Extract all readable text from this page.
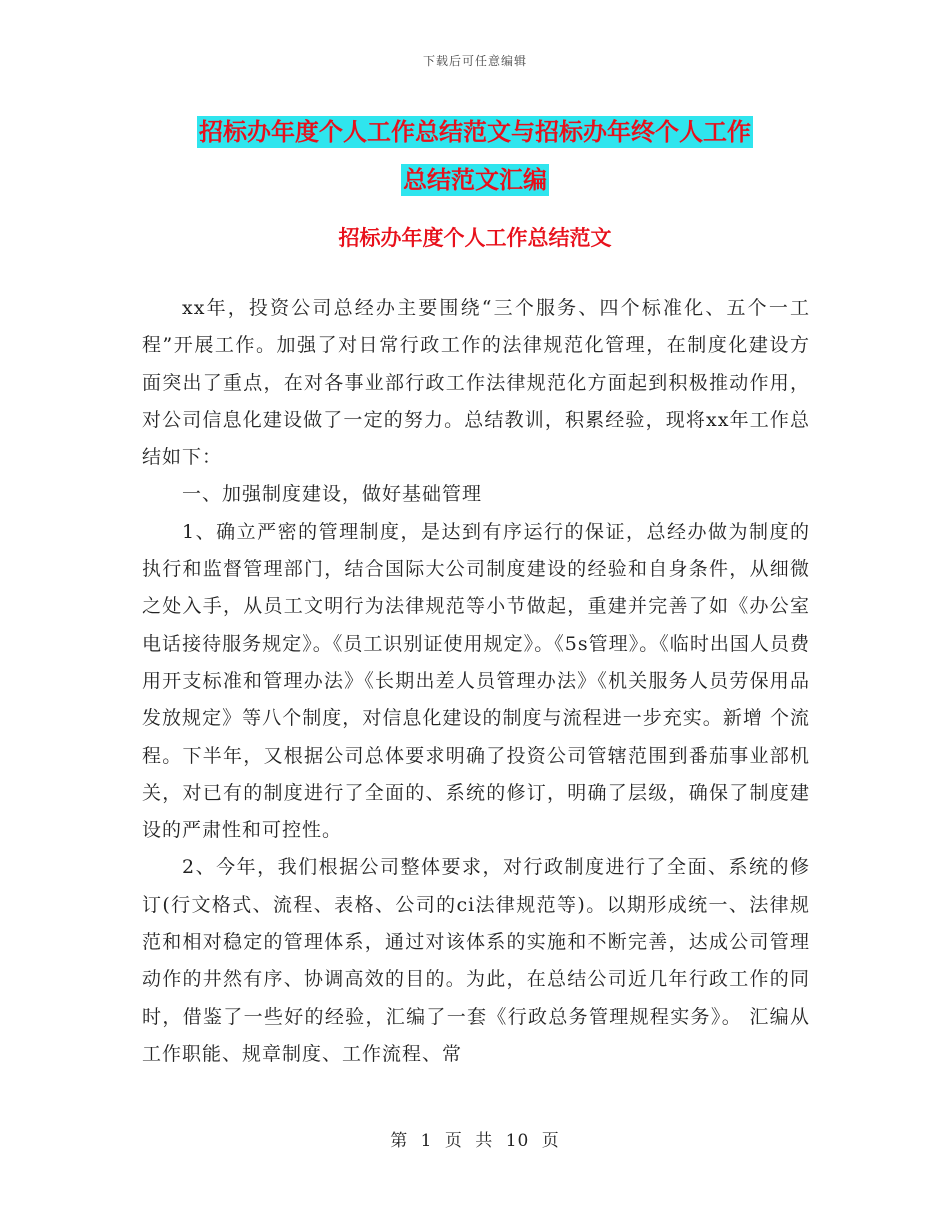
下载后可任意编辑
招标办年度个人工作总结范文与招标办年终个人工作
总结范文汇编
招标办年度个人工作总结范文

xx年，投资公司总经办主要围绕“三个服务、四个标准化、五个一工程”开展工作。加强了对日常行政工作的法律规范化管理，在制度化建设方面突出了重点，在对各事业部行政工作法律规范化方面起到积极推动作用，对公司信息化建设做了一定的努力。总结教训，积累经验，现将xx年工作总结如下：

一、加强制度建设，做好基础管理

1、确立严密的管理制度，是达到有序运行的保证，总经办做为制度的执行和监督管理部门，结合国际大公司制度建设的经验和自身条件，从细微之处入手，从员工文明行为法律规范等小节做起，重建并完善了如《办公室电话接待服务规定》。《员工识别证使用规定》。《5s管理》。《临时出国人员费用开支标准和管理办法》《长期出差人员管理办法》《机关服务人员劳保用品发放规定》等八个制度，对信息化建设的制度与流程进一步充实。新增 个流程。下半年，又根据公司总体要求明确了投资公司管辖范围到番茄事业部机关，对已有的制度进行了全面的、系统的修订，明确了层级，确保了制度建设的严肃性和可控性。

2、今年，我们根据公司整体要求，对行政制度进行了全面、系统的修订(行文格式、流程、表格、公司的ci法律规范等)。以期形成统一、法律规范和相对稳定的管理体系，通过对该体系的实施和不断完善，达成公司管理动作的井然有序、协调高效的目的。为此，在总结公司近几年行政工作的同时，借鉴了一些好的经验，汇编了一套《行政总务管理规程实务》。 汇编从工作职能、规章制度、工作流程、常

第 1 页 共 10 页
